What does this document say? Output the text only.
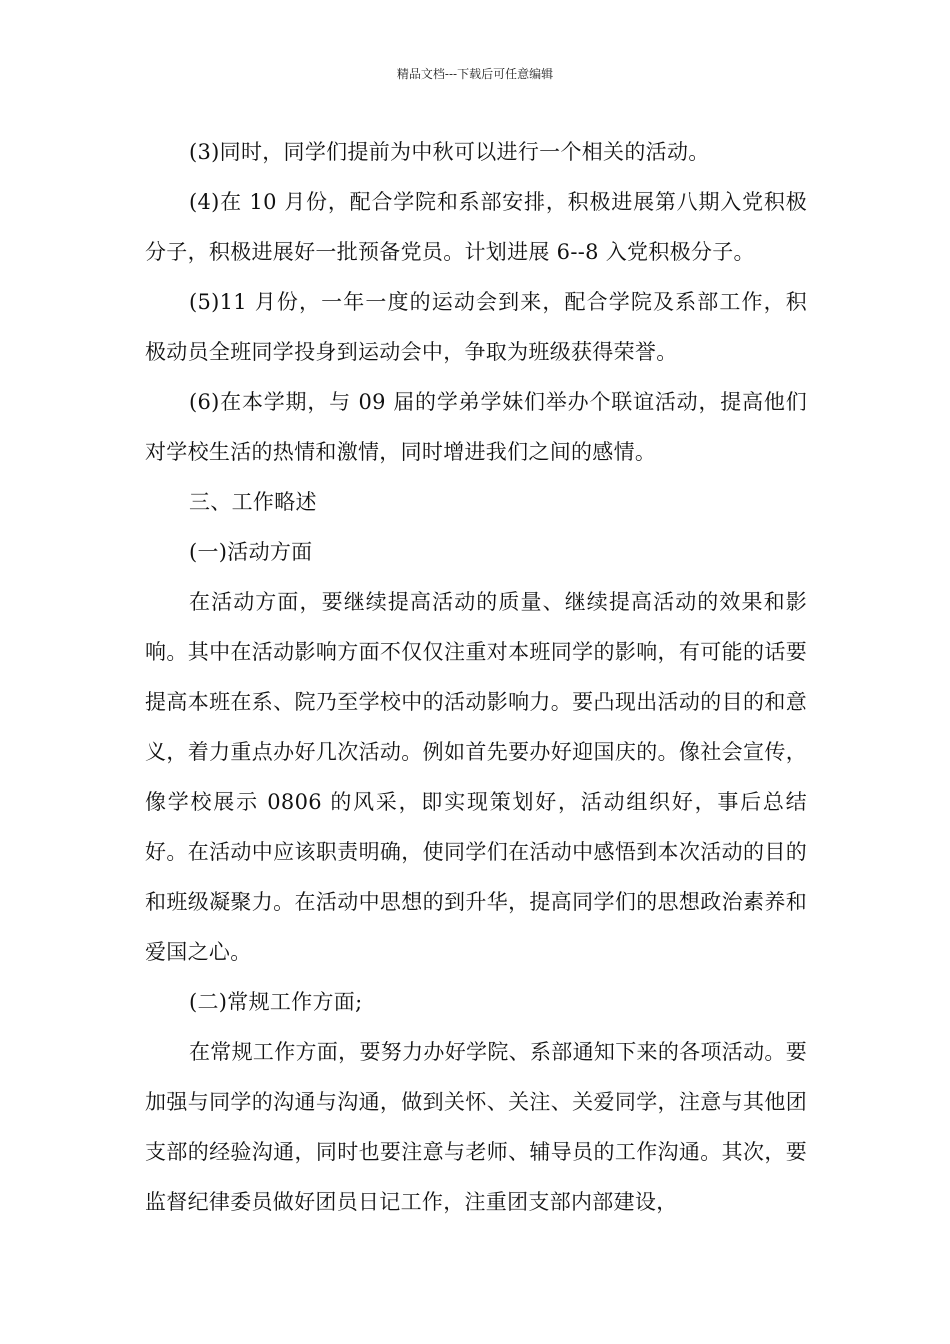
精品文档---下载后可任意编辑

(3)同时，同学们提前为中秋可以进行一个相关的活动。

(4)在 10 月份，配合学院和系部安排，积极进展第八期入党积极分子，积极进展好一批预备党员。计划进展 6--8 入党积极分子。

(5)11 月份，一年一度的运动会到来，配合学院及系部工作，积极动员全班同学投身到运动会中，争取为班级获得荣誉。

(6)在本学期，与 09 届的学弟学妹们举办个联谊活动，提高他们对学校生活的热情和激情，同时增进我们之间的感情。

三、工作略述

(一)活动方面

在活动方面，要继续提高活动的质量、继续提高活动的效果和影响。其中在活动影响方面不仅仅注重对本班同学的影响，有可能的话要提高本班在系、院乃至学校中的活动影响力。要凸现出活动的目的和意义，着力重点办好几次活动。例如首先要办好迎国庆的。像社会宣传，像学校展示 0806 的风采，即实现策划好，活动组织好，事后总结好。在活动中应该职责明确，使同学们在活动中感悟到本次活动的目的和班级凝聚力。在活动中思想的到升华，提高同学们的思想政治素养和爱国之心。

(二)常规工作方面;

在常规工作方面，要努力办好学院、系部通知下来的各项活动。要加强与同学的沟通与沟通，做到关怀、关注、关爱同学，注意与其他团支部的经验沟通，同时也要注意与老师、辅导员的工作沟通。其次，要监督纪律委员做好团员日记工作，注重团支部内部建设，
